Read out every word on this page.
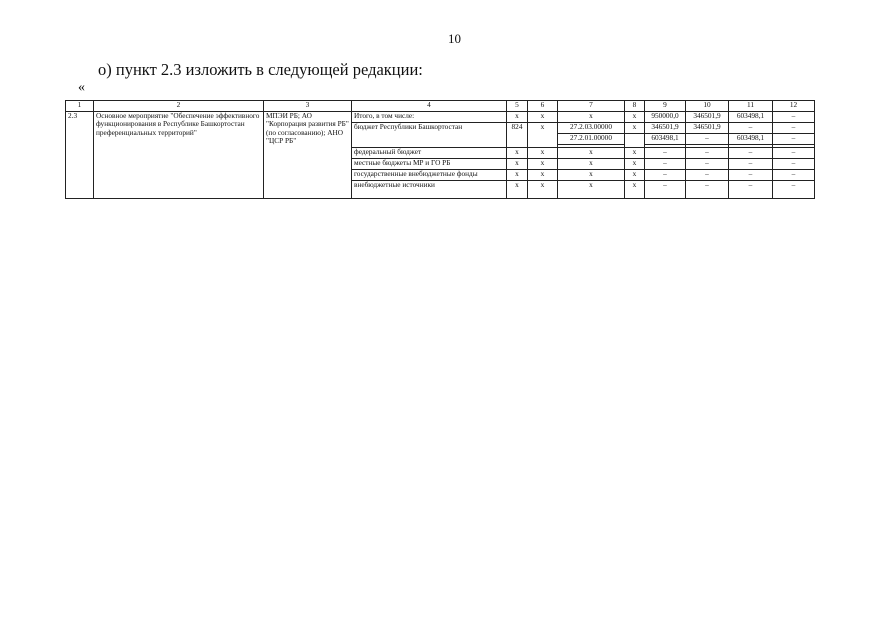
10
о) пункт 2.3 изложить в следующей редакции:
«
1	2	3	4	5	6	7	8	9	10	11	12
2.3	Основное мероприятие "Обеспечение эффективного функционирования в Республике Башкортостан преференциальных территорий"	МПЭИ РБ; АО "Корпорация развития РБ" (по согласованию); АНО "ЦСР РБ"	Итого, в том числе:	х	х	х	х	950000,0	346501,9	603498,1	–
			бюджет Республики Башкортостан	824	х	27.2.03.00000	х	346501,9	346501,9	–	–
						27.2.01.00000		603498,1	–	603498,1	–

			федеральный бюджет	х	х	х	х	–	–	–	–
			местные бюджеты МР и ГО РБ	х	х	х	х	–	–	–	–
			государственные внебюджетные фонды	х	х	х	х	–	–	–	–
			внебюджетные источники	х	х	х	х	–	–	–	–
